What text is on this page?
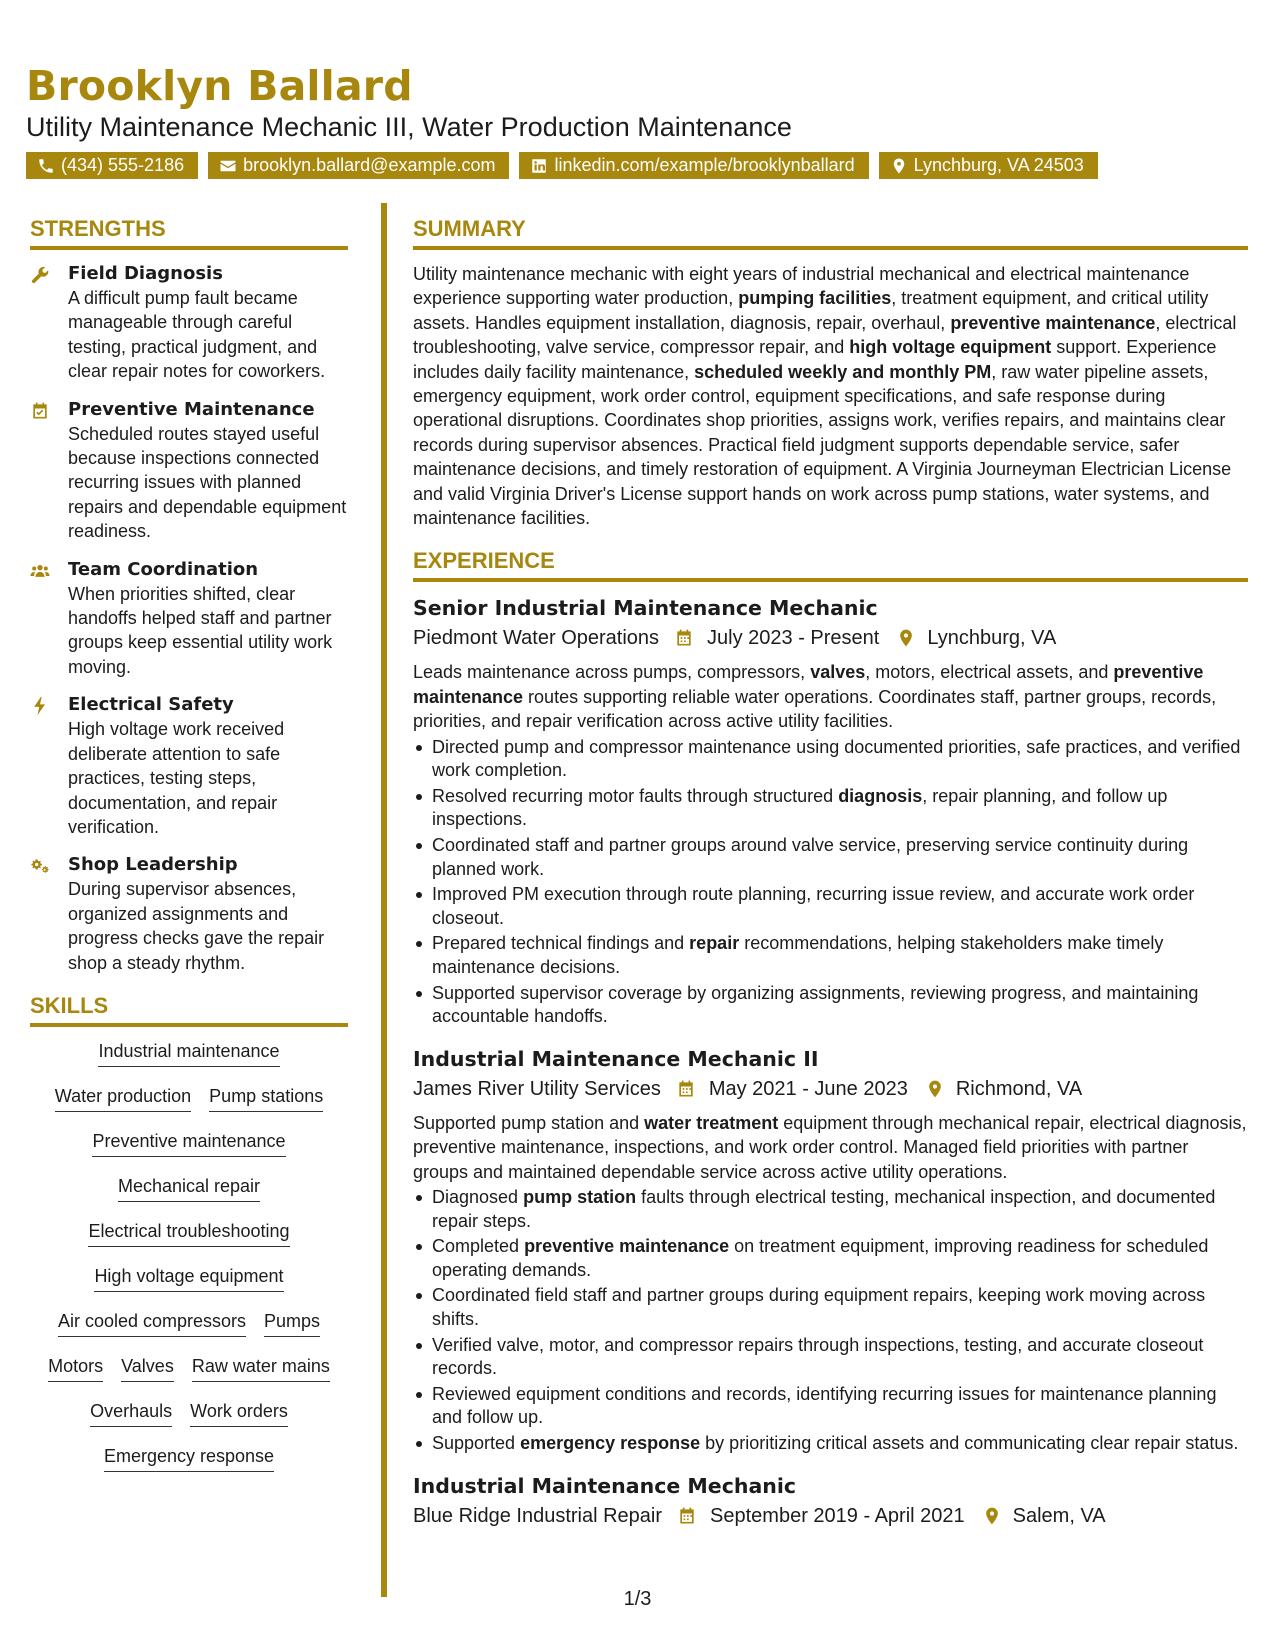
Brooklyn Ballard
Utility Maintenance Mechanic III, Water Production Maintenance
(434) 555-2186	brooklyn.ballard@example.com	linkedin.com/example/brooklynballard	Lynchburg, VA 24503
STRENGTHS
Field Diagnosis
A difficult pump fault became manageable through careful testing, practical judgment, and clear repair notes for coworkers.
Preventive Maintenance
Scheduled routes stayed useful because inspections connected recurring issues with planned repairs and dependable equipment readiness.
Team Coordination
When priorities shifted, clear handoffs helped staff and partner groups keep essential utility work moving.
Electrical Safety
High voltage work received deliberate attention to safe practices, testing steps, documentation, and repair verification.
Shop Leadership
During supervisor absences, organized assignments and progress checks gave the repair shop a steady rhythm.
SKILLS
Industrial maintenance
Water production Pump stations
Preventive maintenance
Mechanical repair
Electrical troubleshooting
High voltage equipment
Air cooled compressors Pumps
Motors Valves Raw water mains
Overhauls Work orders
Emergency response
SUMMARY
Utility maintenance mechanic with eight years of industrial mechanical and electrical maintenance experience supporting water production, pumping facilities, treatment equipment, and critical utility assets. Handles equipment installation, diagnosis, repair, overhaul, preventive maintenance, electrical troubleshooting, valve service, compressor repair, and high voltage equipment support. Experience includes daily facility maintenance, scheduled weekly and monthly PM, raw water pipeline assets, emergency equipment, work order control, equipment specifications, and safe response during operational disruptions. Coordinates shop priorities, assigns work, verifies repairs, and maintains clear records during supervisor absences. Practical field judgment supports dependable service, safer maintenance decisions, and timely restoration of equipment. A Virginia Journeyman Electrician License and valid Virginia Driver's License support hands on work across pump stations, water systems, and maintenance facilities.
EXPERIENCE
Senior Industrial Maintenance Mechanic
Piedmont Water Operations July 2023 - Present Lynchburg, VA
Leads maintenance across pumps, compressors, valves, motors, electrical assets, and preventive maintenance routes supporting reliable water operations. Coordinates staff, partner groups, records, priorities, and repair verification across active utility facilities.
Directed pump and compressor maintenance using documented priorities, safe practices, and verified work completion.
Resolved recurring motor faults through structured diagnosis, repair planning, and follow up inspections.
Coordinated staff and partner groups around valve service, preserving service continuity during planned work.
Improved PM execution through route planning, recurring issue review, and accurate work order closeout.
Prepared technical findings and repair recommendations, helping stakeholders make timely maintenance decisions.
Supported supervisor coverage by organizing assignments, reviewing progress, and maintaining accountable handoffs.
Industrial Maintenance Mechanic II
James River Utility Services May 2021 - June 2023 Richmond, VA
Supported pump station and water treatment equipment through mechanical repair, electrical diagnosis, preventive maintenance, inspections, and work order control. Managed field priorities with partner groups and maintained dependable service across active utility operations.
Diagnosed pump station faults through electrical testing, mechanical inspection, and documented repair steps.
Completed preventive maintenance on treatment equipment, improving readiness for scheduled operating demands.
Coordinated field staff and partner groups during equipment repairs, keeping work moving across shifts.
Verified valve, motor, and compressor repairs through inspections, testing, and accurate closeout records.
Reviewed equipment conditions and records, identifying recurring issues for maintenance planning and follow up.
Supported emergency response by prioritizing critical assets and communicating clear repair status.
Industrial Maintenance Mechanic
Blue Ridge Industrial Repair September 2019 - April 2021 Salem, VA
1/3
